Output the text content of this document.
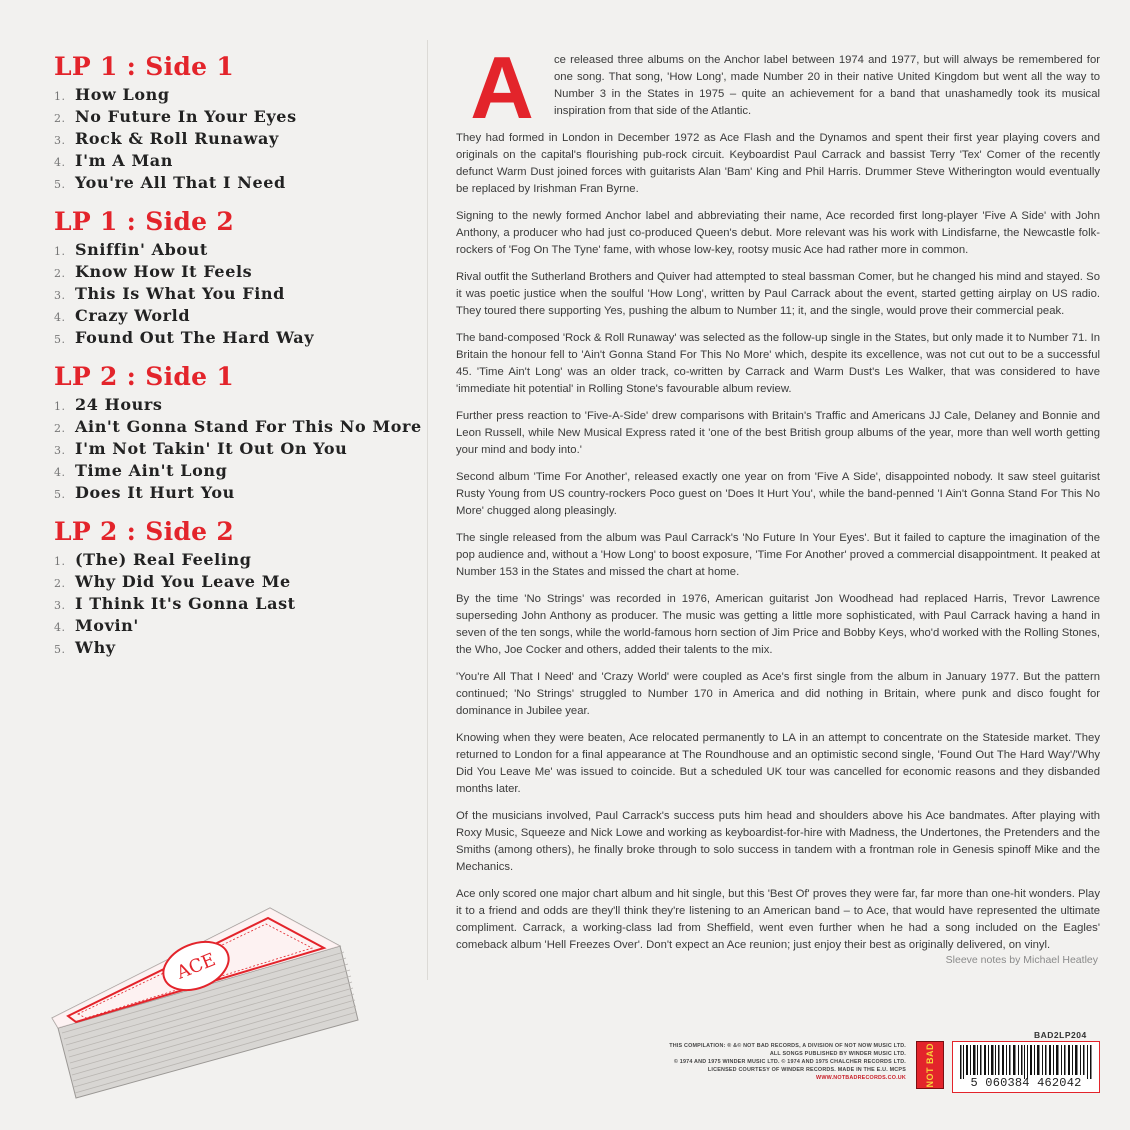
LP 1 : Side 1
1. How Long
2. No Future In Your Eyes
3. Rock & Roll Runaway
4. I'm A Man
5. You're All That I Need
LP 1 : Side 2
1. Sniffin' About
2. Know How It Feels
3. This Is What You Find
4. Crazy World
5. Found Out The Hard Way
LP 2 : Side 1
1. 24 Hours
2. Ain't Gonna Stand For This No More
3. I'm Not Takin' It Out On You
4. Time Ain't Long
5. Does It Hurt You
LP 2 : Side 2
1. (The) Real Feeling
2. Why Did You Leave Me
3. I Think It's Gonna Last
4. Movin'
5. Why

A	ce released three albums on the Anchor label between 1974 and 1977, but will always be remembered for one song. That song, 'How Long', made Number 20 in their native United Kingdom but went all the way to Number 3 in the States in 1975 – quite an achievement for a band that unashamedly took its musical inspiration from that side of the Atlantic.

They had formed in London in December 1972 as Ace Flash and the Dynamos and spent their first year playing covers and originals on the capital's flourishing pub-rock circuit. Keyboardist Paul Carrack and bassist Terry 'Tex' Comer of the recently defunct Warm Dust joined forces with guitarists Alan 'Bam' King and Phil Harris. Drummer Steve Witherington would eventually be replaced by Irishman Fran Byrne.

Signing to the newly formed Anchor label and abbreviating their name, Ace recorded first long-player 'Five A Side' with John Anthony, a producer who had just co-produced Queen's debut. More relevant was his work with Lindisfarne, the Newcastle folk-rockers of 'Fog On The Tyne' fame, with whose low-key, rootsy music Ace had rather more in common.

Rival outfit the Sutherland Brothers and Quiver had attempted to steal bassman Comer, but he changed his mind and stayed. So it was poetic justice when the soulful 'How Long', written by Paul Carrack about the event, started getting airplay on US radio. They toured there supporting Yes, pushing the album to Number 11; it, and the single, would prove their commercial peak.

The band-composed 'Rock & Roll Runaway' was selected as the follow-up single in the States, but only made it to Number 71. In Britain the honour fell to 'Ain't Gonna Stand For This No More' which, despite its excellence, was not cut out to be a successful 45. 'Time Ain't Long' was an older track, co-written by Carrack and Warm Dust's Les Walker, that was considered to have 'immediate hit potential' in Rolling Stone's favourable album review.

Further press reaction to 'Five-A-Side' drew comparisons with Britain's Traffic and Americans JJ Cale, Delaney and Bonnie and Leon Russell, while New Musical Express rated it 'one of the best British group albums of the year, more than well worth getting your mind and body into.'

Second album 'Time For Another', released exactly one year on from 'Five A Side', disappointed nobody. It saw steel guitarist Rusty Young from US country-rockers Poco guest on 'Does It Hurt You', while the band-penned 'I Ain't Gonna Stand For This No More' chugged along pleasingly.

The single released from the album was Paul Carrack's 'No Future In Your Eyes'. But it failed to capture the imagination of the pop audience and, without a 'How Long' to boost exposure, 'Time For Another' proved a commercial disappointment. It peaked at Number 153 in the States and missed the chart at home.

By the time 'No Strings' was recorded in 1976, American guitarist Jon Woodhead had replaced Harris, Trevor Lawrence superseding John Anthony as producer. The music was getting a little more sophisticated, with Paul Carrack having a hand in seven of the ten songs, while the world-famous horn section of Jim Price and Bobby Keys, who'd worked with the Rolling Stones, the Who, Joe Cocker and others, added their talents to the mix.

'You're All That I Need' and 'Crazy World' were coupled as Ace's first single from the album in January 1977. But the pattern continued; 'No Strings' struggled to Number 170 in America and did nothing in Britain, where punk and disco fought for dominance in Jubilee year.

Knowing when they were beaten, Ace relocated permanently to LA in an attempt to concentrate on the Stateside market. They returned to London for a final appearance at The Roundhouse and an optimistic second single, 'Found Out The Hard Way'/'Why Did You Leave Me' was issued to coincide. But a scheduled UK tour was cancelled for economic reasons and they disbanded months later.

Of the musicians involved, Paul Carrack's success puts him head and shoulders above his Ace bandmates. After playing with Roxy Music, Squeeze and Nick Lowe and working as keyboardist-for-hire with Madness, the Undertones, the Pretenders and the Smiths (among others), he finally broke through to solo success in tandem with a frontman role in Genesis spinoff Mike and the Mechanics.

Ace only scored one major chart album and hit single, but this 'Best Of' proves they were far, far more than one-hit wonders. Play it to a friend and odds are they'll think they're listening to an American band – to Ace, that would have represented the ultimate compliment. Carrack, a working-class lad from Sheffield, went even further when he had a song included on the Eagles' comeback album 'Hell Freezes Over'. Don't expect an Ace reunion; just enjoy their best as originally delivered, on vinyl.

Sleeve notes by Michael Heatley
ACE
THIS COMPILATION: ® &© NOT BAD RECORDS, A DIVISION OF NOT NOW MUSIC LTD.
ALL SONGS PUBLISHED BY WINDER MUSIC LTD.
© 1974 AND 1975 WINDER MUSIC LTD. © 1974 AND 1975 CHALCHER RECORDS LTD.
LICENSED COURTESY OF WINDER RECORDS. MADE IN THE E.U. MCPS
WWW.NOTBADRECORDS.CO.UK NOT BAD
BAD2LP204
5 060384 462042
